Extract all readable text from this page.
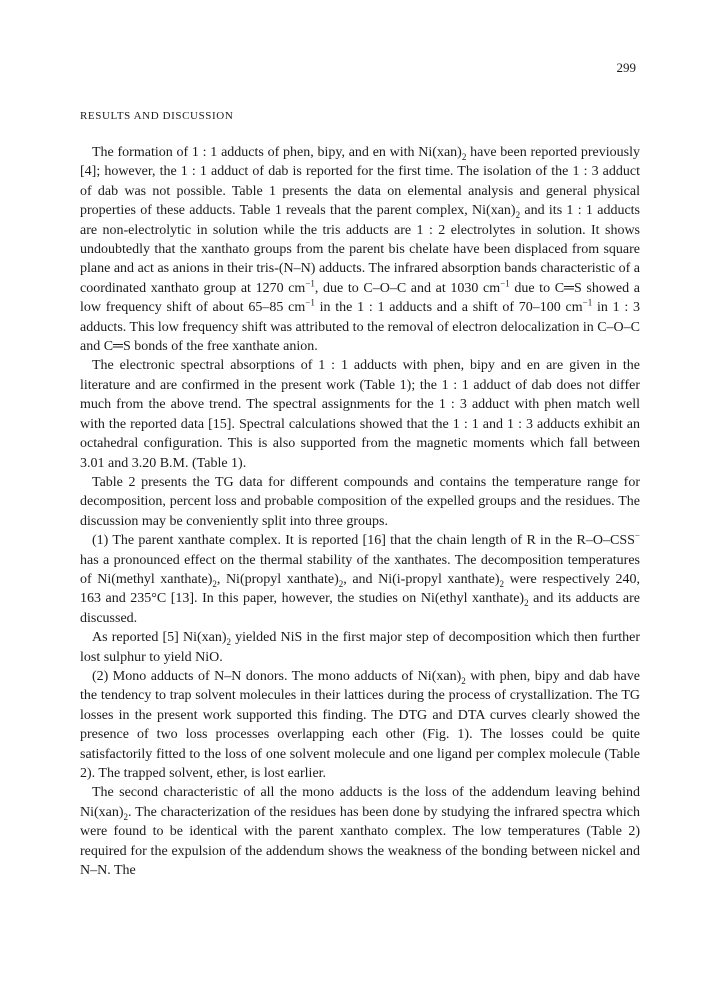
299
RESULTS AND DISCUSSION

The formation of 1 : 1 adducts of phen, bipy, and en with $Ni(xan)_2$ have been reported previously [4]; however, the 1 : 1 adduct of dab is reported for the first time. The isolation of the 1 : 3 adduct of dab was not possible. Table 1 presents the data on elemental analysis and general physical properties of these adducts. Table 1 reveals that the parent complex, $Ni(xan)_2$ and its 1 : 1 adducts are non-electrolytic in solution while the tris adducts are 1 : 2 electrolytes in solution. It shows undoubtedly that the xanthato groups from the parent bis chelate have been displaced from square plane and act as anions in their tris-(N–N) adducts. The infrared absorption bands characteristic of a coordinated xanthato group at 1270 $cm^{-1}$, due to C–O–C and at 1030 $cm^{-1}$ due to C═S showed a low frequency shift of about 65–85 $cm^{-1}$ in the 1 : 1 adducts and a shift of 70–100 $cm^{-1}$ in 1 : 3 adducts. This low frequency shift was attributed to the removal of electron delocalization in C–O–C and C═S bonds of the free xanthate anion.

The electronic spectral absorptions of 1 : 1 adducts with phen, bipy and en are given in the literature and are confirmed in the present work (Table 1); the 1 : 1 adduct of dab does not differ much from the above trend. The spectral assignments for the 1 : 3 adduct with phen match well with the reported data [15]. Spectral calculations showed that the 1 : 1 and 1 : 3 adducts exhibit an octahedral configuration. This is also supported from the magnetic moments which fall between 3.01 and 3.20 B.M. (Table 1).

Table 2 presents the TG data for different compounds and contains the temperature range for decomposition, percent loss and probable composition of the expelled groups and the residues. The discussion may be conveniently split into three groups.

(1) The parent xanthate complex. It is reported [16] that the chain length of R in the R–O–CSS− has a pronounced effect on the thermal stability of the xanthates. The decomposition temperatures of Ni(methyl $xanthate)_2$, Ni(propyl $xanthate)_2$, and Ni(i-propyl $xanthate)_2$ were respectively 240, 163 and 235°C [13]. In this paper, however, the studies on Ni(ethyl $xanthate)_2$ and its adducts are discussed.

As reported [5] $Ni(xan)_2$ yielded NiS in the first major step of decomposition which then further lost sulphur to yield NiO.

(2) Mono adducts of N–N donors. The mono adducts of $Ni(xan)_2$ with phen, bipy and dab have the tendency to trap solvent molecules in their lattices during the process of crystallization. The TG losses in the present work supported this finding. The DTG and DTA curves clearly showed the presence of two loss processes overlapping each other (Fig. 1). The losses could be quite satisfactorily fitted to the loss of one solvent molecule and one ligand per complex molecule (Table 2). The trapped solvent, ether, is lost earlier.

The second characteristic of all the mono adducts is the loss of the addendum leaving behind $Ni(xan)_2$. The characterization of the residues has been done by studying the infrared spectra which were found to be identical with the parent xanthato complex. The low temperatures (Table 2) required for the expulsion of the addendum shows the weakness of the bonding between nickel and N–N. The
